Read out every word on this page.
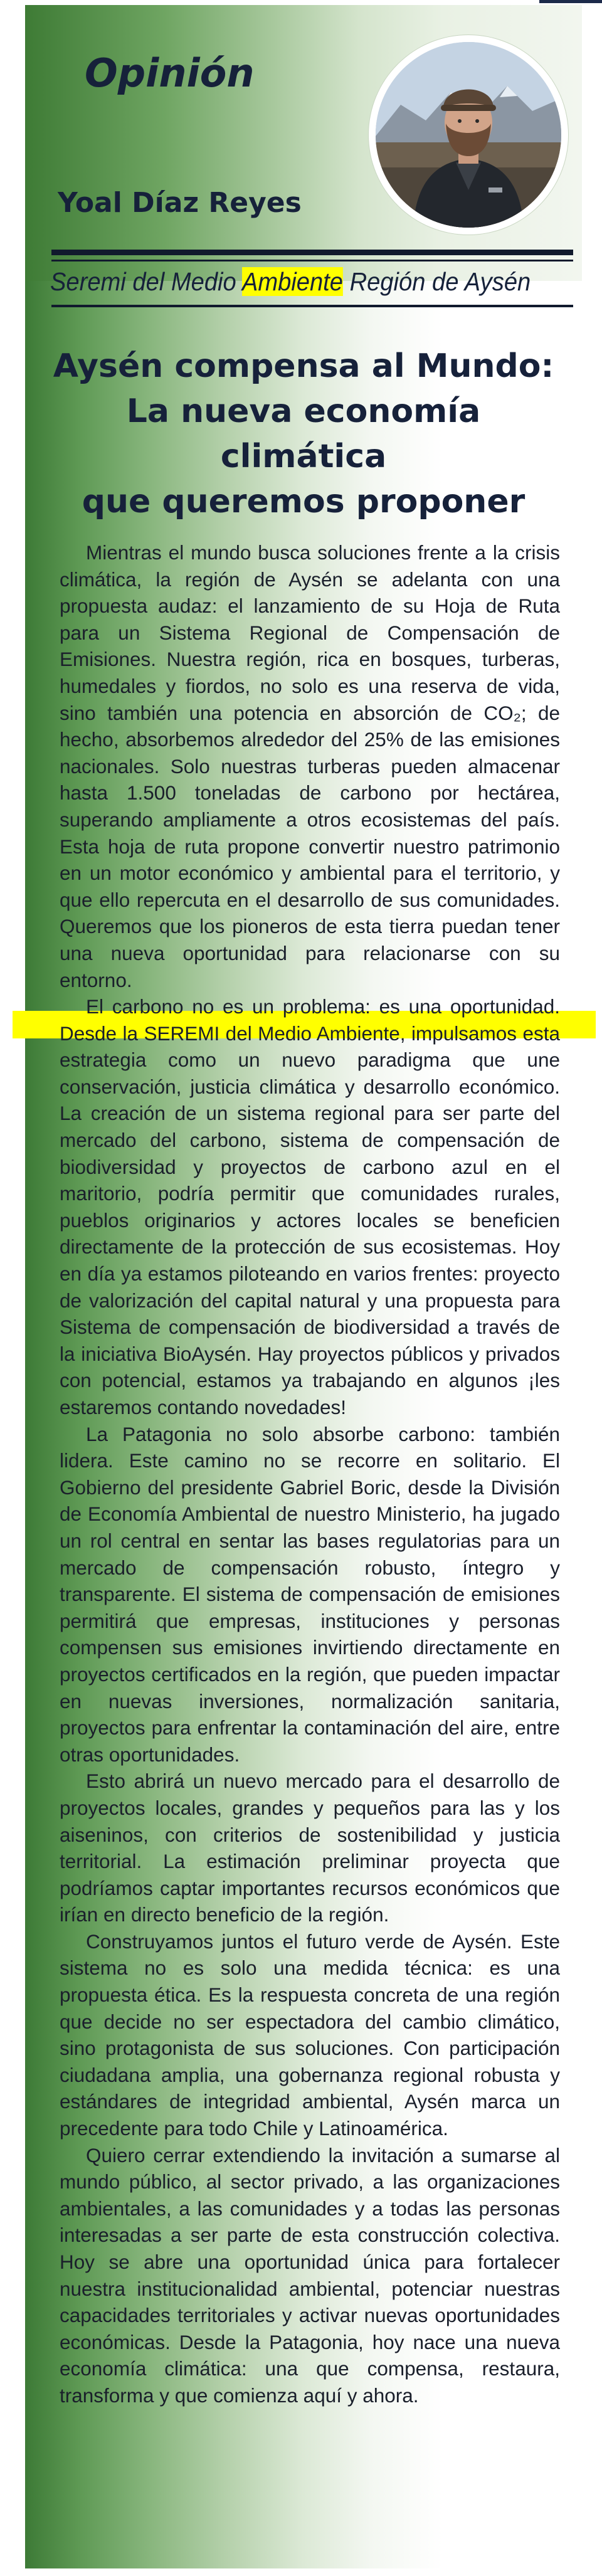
Opinión
Yoal Díaz Reyes
Seremi del Medio Ambiente Región de Aysén
Aysén compensa al Mundo:
La nueva economía climática
que queremos proponer

Mientras el mundo busca soluciones frente a la crisis climática, la región de Aysén se adelanta con una propuesta audaz: el lanzamiento de su Hoja de Ruta para un Sistema Regional de Compensación de Emisiones. Nuestra región, rica en bosques, turberas, humedales y fiordos, no solo es una reserva de vida, sino también una potencia en absorción de CO₂; de hecho, absorbemos alrededor del 25% de las emisiones nacionales. Solo nuestras turberas pueden almacenar hasta 1.500 toneladas de carbono por hectárea, superando ampliamente a otros ecosistemas del país. Esta hoja de ruta propone convertir nuestro patrimonio en un motor económico y ambiental para el territorio, y que ello repercuta en el desarrollo de sus comunidades. Queremos que los pioneros de esta tierra puedan tener una nueva oportunidad para relacionarse con su entorno.

El carbono no es un problema: es una oportunidad. Desde la SEREMI del Medio Ambiente, impulsamos esta estrategia como un nuevo paradigma que une conservación, justicia climática y desarrollo económico. La creación de un sistema regional para ser parte del mercado del carbono, sistema de compensación de biodiversidad y proyectos de carbono azul en el maritorio, podría permitir que comunidades rurales, pueblos originarios y actores locales se beneficien directamente de la protección de sus ecosistemas. Hoy en día ya estamos piloteando en varios frentes: proyecto de valorización del capital natural y una propuesta para Sistema de compensación de biodiversidad a través de la iniciativa BioAysén. Hay proyectos públicos y privados con potencial, estamos ya trabajando en algunos ¡les estaremos contando novedades!

La Patagonia no solo absorbe carbono: también lidera. Este camino no se recorre en solitario. El Gobierno del presidente Gabriel Boric, desde la División de Economía Ambiental de nuestro Ministerio, ha jugado un rol central en sentar las bases regulatorias para un mercado de compensación robusto, íntegro y transparente. El sistema de compensación de emisiones permitirá que empresas, instituciones y personas compensen sus emisiones invirtiendo directamente en proyectos certificados en la región, que pueden impactar en nuevas inversiones, normalización sanitaria, proyectos para enfrentar la contaminación del aire, entre otras oportunidades.

Esto abrirá un nuevo mercado para el desarrollo de proyectos locales, grandes y pequeños para las y los aiseninos, con criterios de sostenibilidad y justicia territorial. La estimación preliminar proyecta que podríamos captar importantes recursos económicos que irían en directo beneficio de la región.

Construyamos juntos el futuro verde de Aysén. Este sistema no es solo una medida técnica: es una propuesta ética. Es la respuesta concreta de una región que decide no ser espectadora del cambio climático, sino protagonista de sus soluciones. Con participación ciudadana amplia, una gobernanza regional robusta y estándares de integridad ambiental, Aysén marca un precedente para todo Chile y Latinoamérica.

Quiero cerrar extendiendo la invitación a sumarse al mundo público, al sector privado, a las organizaciones ambientales, a las comunidades y a todas las personas interesadas a ser parte de esta construcción colectiva. Hoy se abre una oportunidad única para fortalecer nuestra institucionalidad ambiental, potenciar nuestras capacidades territoriales y activar nuevas oportunidades económicas. Desde la Patagonia, hoy nace una nueva economía climática: una que compensa, restaura, transforma y que comienza aquí y ahora.
